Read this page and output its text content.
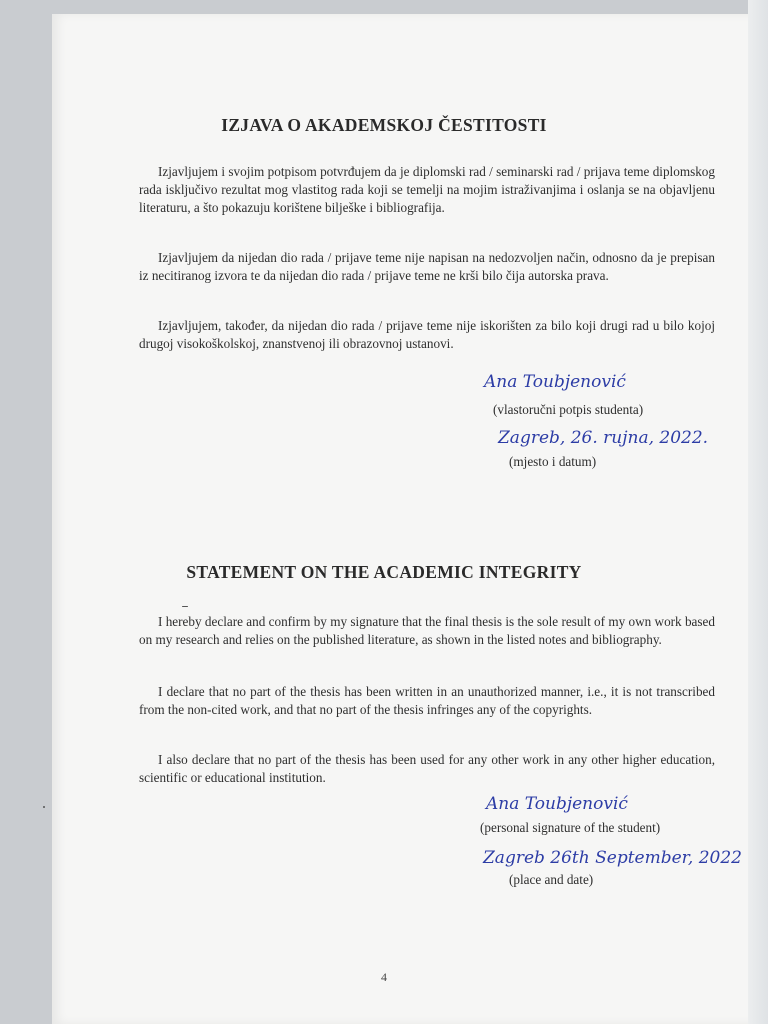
IZJAVA O AKADEMSKOJ ČESTITOSTI
Izjavljujem i svojim potpisom potvrđujem da je diplomski rad / seminarski rad / prijava teme diplomskog rada isključivo rezultat mog vlastitog rada koji se temelji na mojim istraživanjima i oslanja se na objavljenu literaturu, a što pokazuju korištene bilješke i bibliografija.
Izjavljujem da nijedan dio rada / prijave teme nije napisan na nedozvoljen način, odnosno da je prepisan iz necitiranog izvora te da nijedan dio rada / prijave teme ne krši bilo čija autorska prava.
Izjavljujem, također, da nijedan dio rada / prijave teme nije iskorišten za bilo koji drugi rad u bilo kojoj drugoj visokoškolskoj, znanstvenoj ili obrazovnoj ustanovi.
Ana Toubjenović
(vlastoručni potpis studenta)
Zagreb, 26. rujna, 2022.
(mjesto i datum)
STATEMENT ON THE ACADEMIC INTEGRITY
I hereby declare and confirm by my signature that the final thesis is the sole result of my own work based on my research and relies on the published literature, as shown in the listed notes and bibliography.
I declare that no part of the thesis has been written in an unauthorized manner, i.e., it is not transcribed from the non-cited work, and that no part of the thesis infringes any of the copyrights.
I also declare that no part of the thesis has been used for any other work in any other higher education, scientific or educational institution.
Ana Toubjenović
(personal signature of the student)
Zagreb 26th September, 2022
(place and date)
4
